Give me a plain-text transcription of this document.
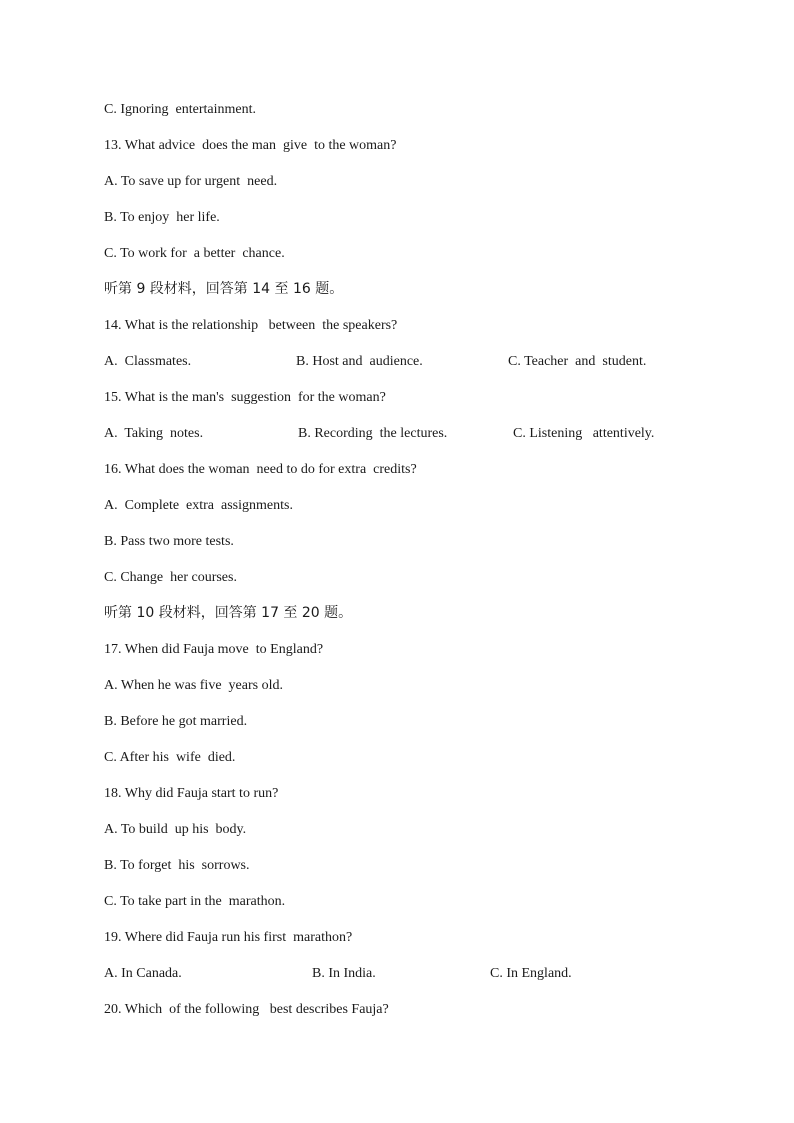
C. Ignoring  entertainment.
13. What advice  does the man  give  to the woman?
A. To save up for urgent  need.
B. To enjoy  her life.
C. To work for  a better  chance.
听第 9 段材料，回答第 14 至 16 题。
14. What is the relationship   between  the speakers?
A.  Classmates.	B. Host and  audience.	C. Teacher  and  student.
15. What is the man's  suggestion  for the woman?
A.  Taking  notes.	B. Recording  the lectures.	C. Listening   attentively.
16. What does the woman  need to do for extra  credits?
A.  Complete  extra  assignments.
B. Pass two more tests.
C. Change  her courses.
听第 10 段材料，回答第 17 至 20 题。
17. When did Fauja move  to England?
A. When he was five  years old.
B. Before he got married.
C. After his  wife  died.
18. Why did Fauja start to run?
A. To build  up his  body.
B. To forget  his  sorrows.
C. To take part in the  marathon.
19. Where did Fauja run his first  marathon?
A. In Canada.	B. In India.	C. In England.
20. Which  of the following   best describes Fauja?
